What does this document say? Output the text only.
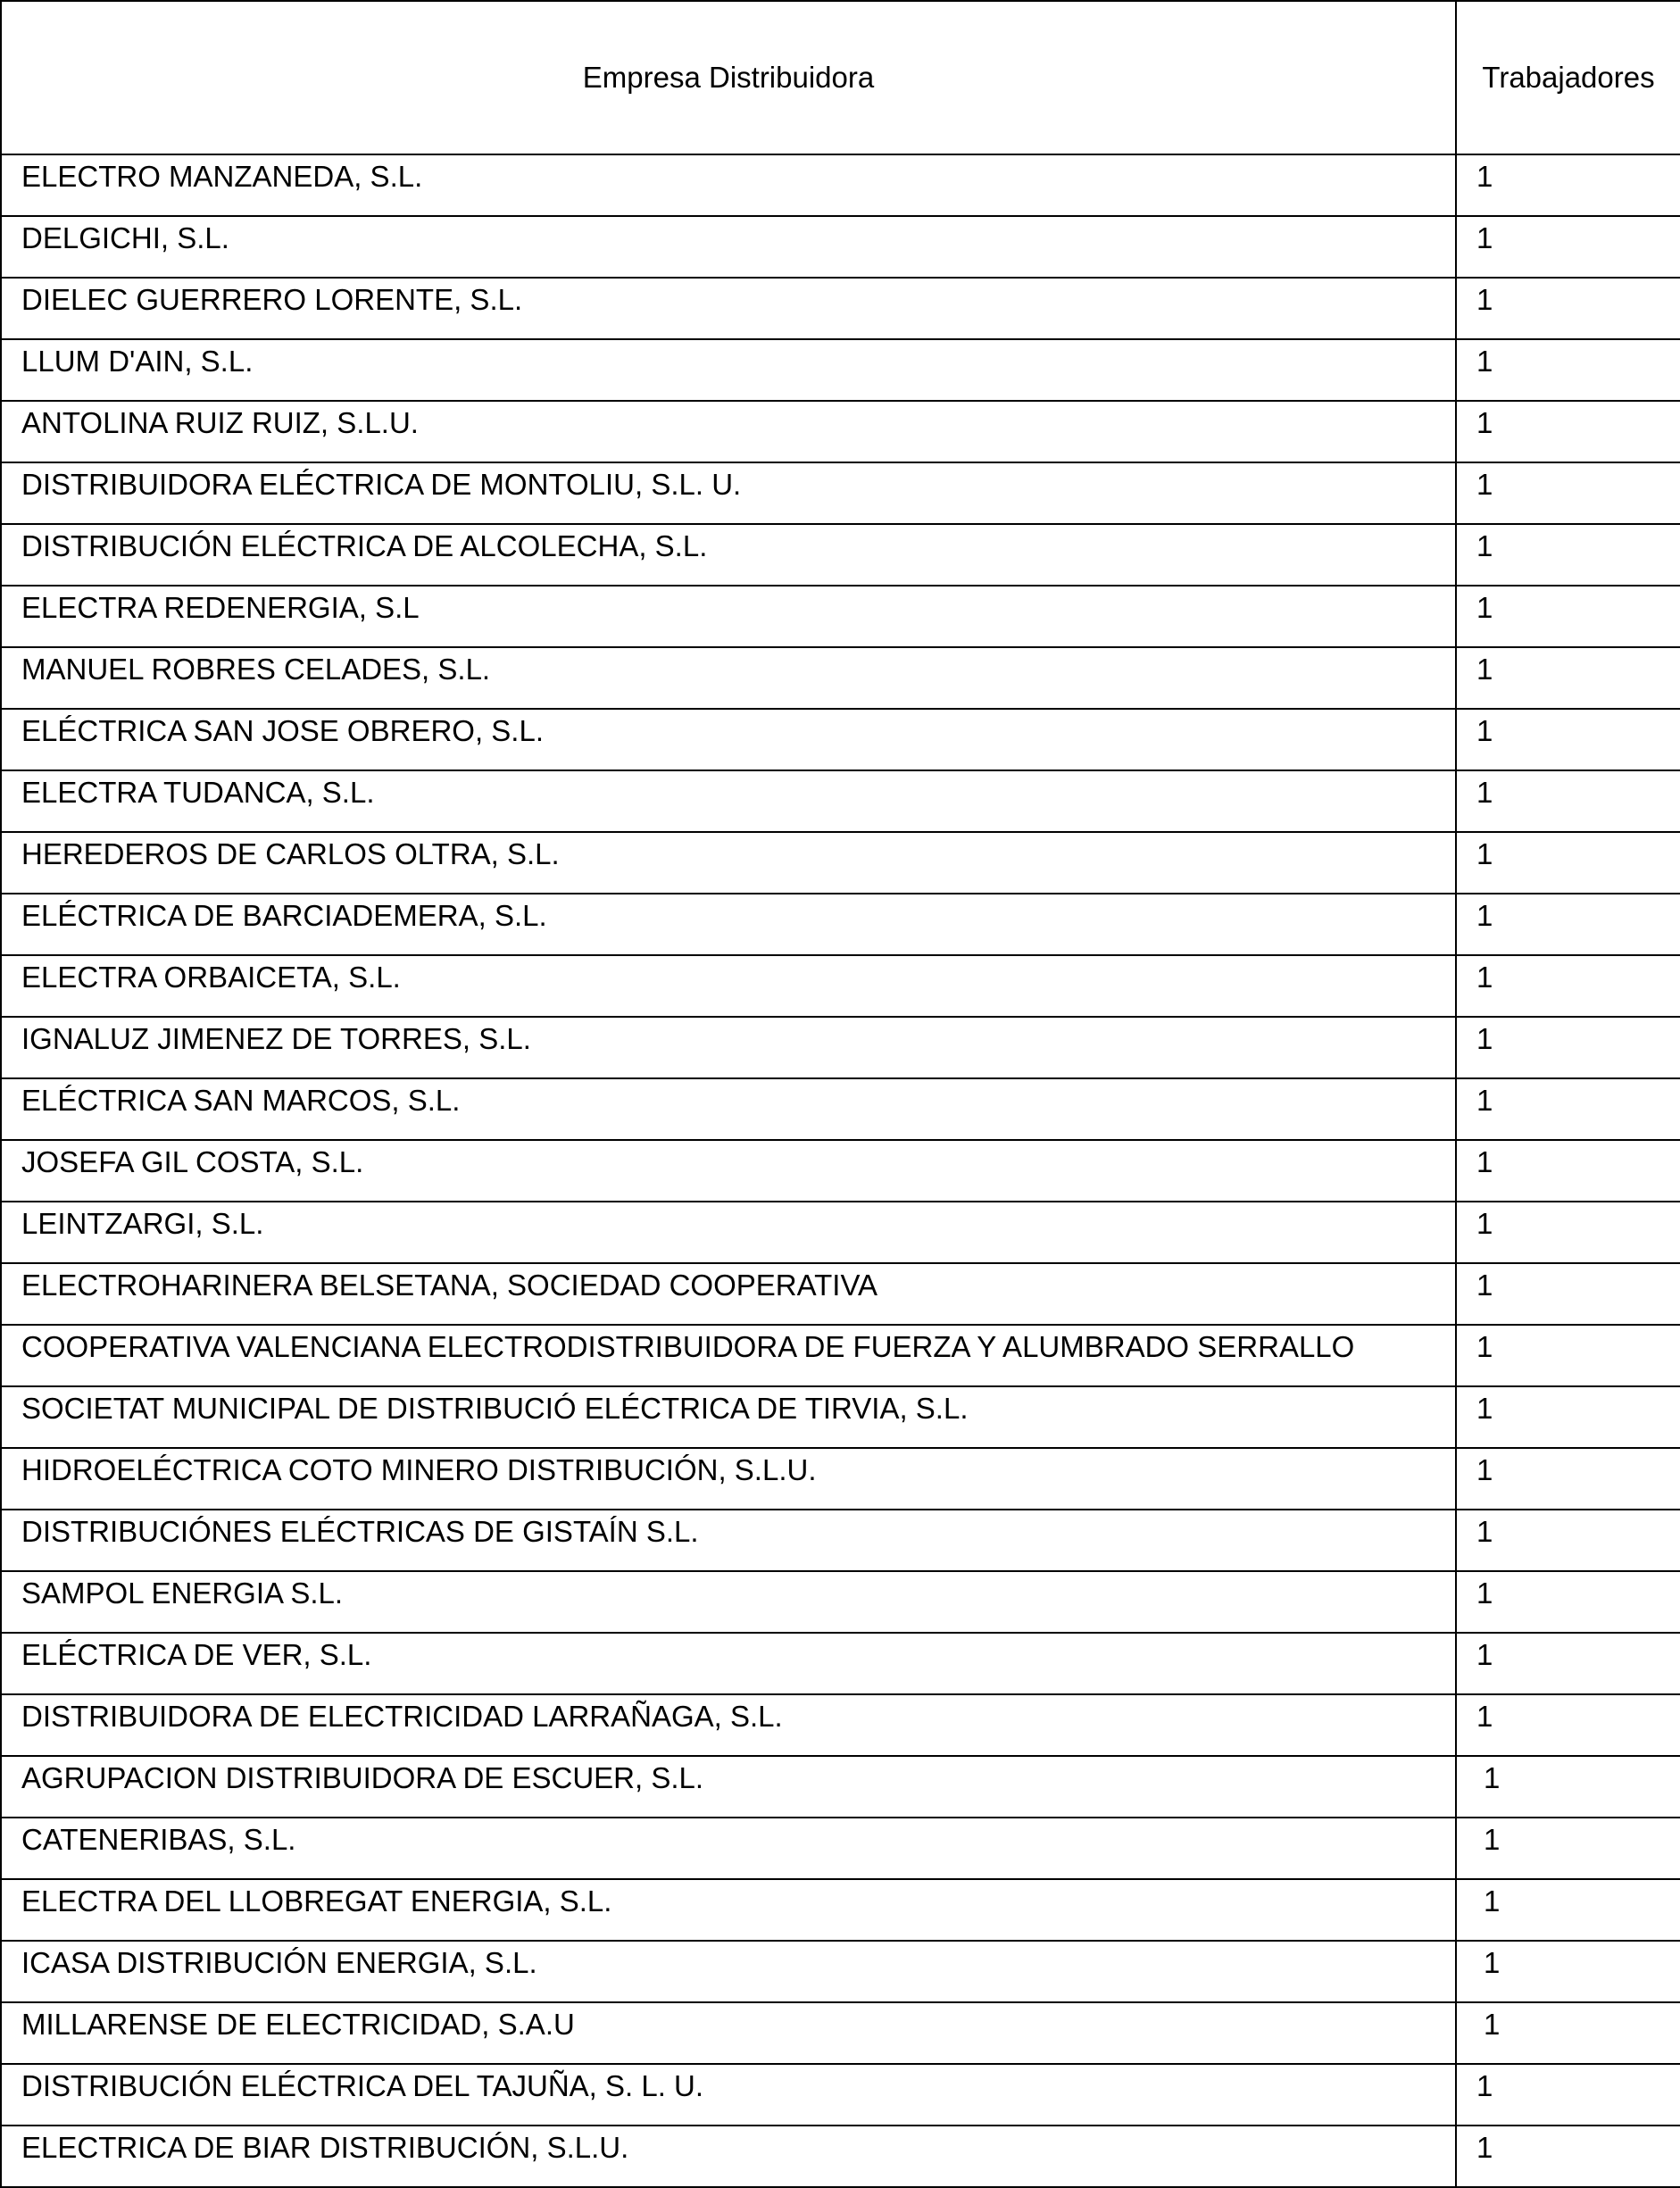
Empresa Distribuidora	Trabajadores
ELECTRO MANZANEDA, S.L.	1
DELGICHI, S.L.	1
DIELEC GUERRERO LORENTE, S.L.	1
LLUM D'AIN, S.L.	1
ANTOLINA RUIZ RUIZ, S.L.U.	1
DISTRIBUIDORA ELÉCTRICA DE MONTOLIU, S.L. U.	1
DISTRIBUCIÓN ELÉCTRICA DE ALCOLECHA, S.L.	1
ELECTRA REDENERGIA, S.L	1
MANUEL ROBRES CELADES, S.L.	1
ELÉCTRICA SAN JOSE OBRERO, S.L.	1
ELECTRA TUDANCA, S.L.	1
HEREDEROS DE CARLOS OLTRA, S.L.	1
ELÉCTRICA DE BARCIADEMERA, S.L.	1
ELECTRA ORBAICETA, S.L.	1
IGNALUZ JIMENEZ DE TORRES, S.L.	1
ELÉCTRICA SAN MARCOS, S.L.	1
JOSEFA GIL COSTA, S.L.	1
LEINTZARGI, S.L.	1
ELECTROHARINERA BELSETANA, SOCIEDAD COOPERATIVA	1
COOPERATIVA VALENCIANA ELECTRODISTRIBUIDORA DE FUERZA Y ALUMBRADO SERRALLO	1
SOCIETAT MUNICIPAL DE DISTRIBUCIÓ ELÉCTRICA DE TIRVIA, S.L.	1
HIDROELÉCTRICA COTO MINERO DISTRIBUCIÓN, S.L.U.	1
DISTRIBUCIÓNES ELÉCTRICAS DE GISTAÍN S.L.	1
SAMPOL ENERGIA S.L.	1
ELÉCTRICA DE VER, S.L.	1
DISTRIBUIDORA DE ELECTRICIDAD LARRAÑAGA, S.L.	1
AGRUPACION DISTRIBUIDORA DE ESCUER, S.L.	1
CATENERIBAS, S.L.	1
ELECTRA DEL LLOBREGAT ENERGIA, S.L.	1
ICASA DISTRIBUCIÓN ENERGIA, S.L.	1
MILLARENSE DE ELECTRICIDAD, S.A.U	1
DISTRIBUCIÓN ELÉCTRICA DEL TAJUÑA, S. L. U.	1
ELECTRICA DE BIAR DISTRIBUCIÓN, S.L.U.	1
